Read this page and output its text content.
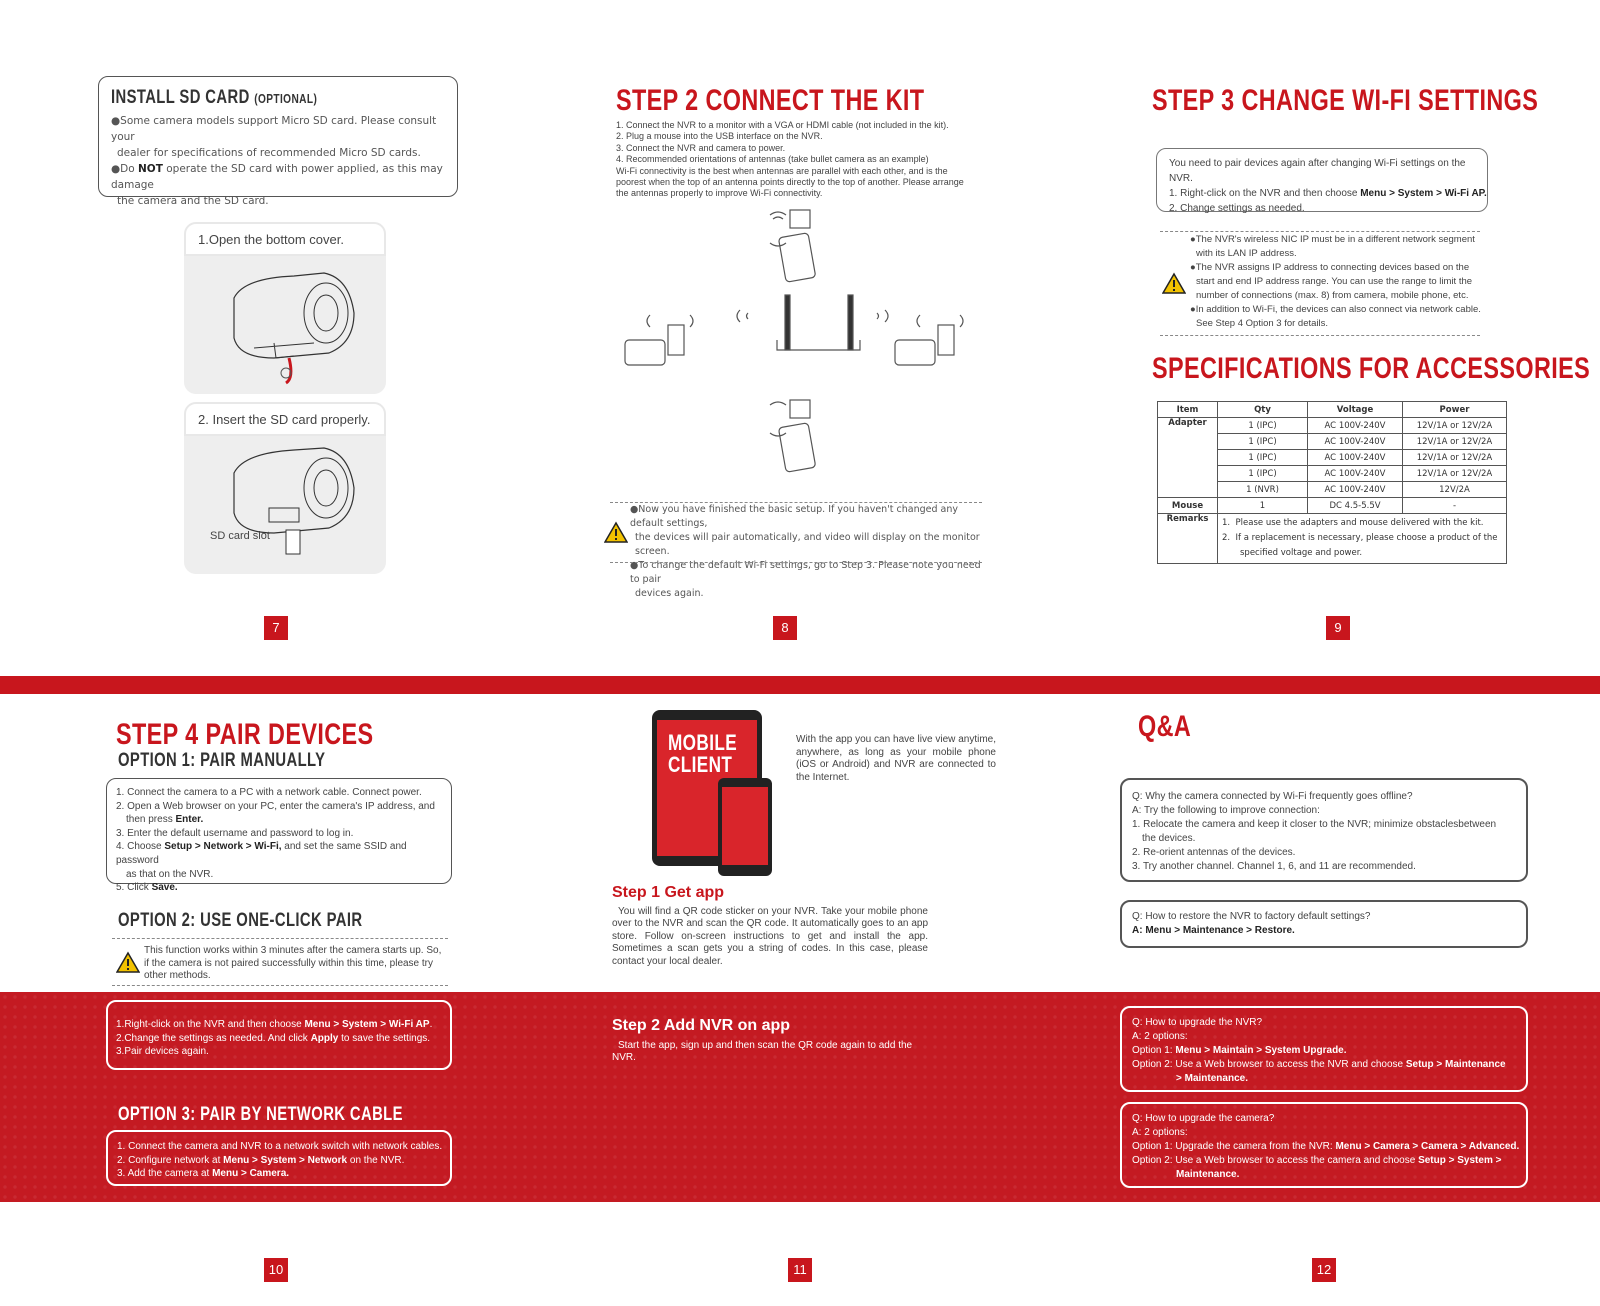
INSTALL SD CARD (OPTIONAL)
●Some camera models support Micro SD card. Please consult your
dealer for specifications of recommended Micro SD cards.
●Do NOT operate the SD card with power applied, as this may damage
the camera and the SD card.
1.Open the bottom cover.
2. Insert the SD card properly.
SD card slot
7
STEP 2 CONNECT THE KIT
1. Connect the NVR to a monitor with a VGA or HDMI cable (not included in the kit).
2. Plug a mouse into the USB interface on the NVR.
3. Connect the NVR and camera to power.
4. Recommended orientations of antennas (take bullet camera as an example)
Wi-Fi connectivity is the best when antennas are parallel with each other, and is the
poorest when the top of an antenna points directly to the top of another. Please arrange
the antennas properly to improve Wi-Fi connectivity.
●Now you have finished the basic setup. If you haven't changed any default settings,
the devices will pair automatically, and video will display on the monitor screen.
●To change the default Wi-Fi settings, go to Step 3. Please note you need to pair
devices again.
8
STEP 3 CHANGE WI-FI SETTINGS
You need to pair devices again after changing Wi-Fi settings on the NVR.
1. Right-click on the NVR and then choose Menu > System > Wi-Fi AP.
2. Change settings as needed.
●The NVR's wireless NIC IP must be in a different network segment
with its LAN IP address.
●The NVR assigns IP address to connecting devices based on the
start and end IP address range. You can use the range to limit the
number of connections (max. 8) from camera, mobile phone, etc.
●In addition to Wi-Fi, the devices can also connect via network cable.
See Step 4 Option 3 for details.
SPECIFICATIONS FOR ACCESSORIES
Item	Qty	Voltage	Power
Adapter	1 (IPC)	AC 100V-240V	12V/1A or 12V/2A
	1 (IPC)	AC 100V-240V	12V/1A or 12V/2A
	1 (IPC)	AC 100V-240V	12V/1A or 12V/2A
	1 (IPC)	AC 100V-240V	12V/1A or 12V/2A
	1 (NVR)	AC 100V-240V	12V/2A
Mouse	1	DC 4.5-5.5V	-
Remarks	1. Please use the adapters and mouse delivered with the kit.
2. If a replacement is necessary, please choose a product of the
specified voltage and power.		
9
STEP 4 PAIR DEVICES
OPTION 1: PAIR MANUALLY
1. Connect the camera to a PC with a network cable. Connect power.
2. Open a Web browser on your PC, enter the camera's IP address, and
then press Enter.
3. Enter the default username and password to log in.
4. Choose Setup > Network > Wi-Fi, and set the same SSID and password
as that on the NVR.
5. Click Save.
OPTION 2: USE ONE-CLICK PAIR
This function works within 3 minutes after the camera starts up. So,
if the camera is not paired successfully within this time, please try
other methods.
1.Right-click on the NVR and then choose Menu > System > Wi-Fi AP.
2.Change the settings as needed. And click Apply to save the settings.
3.Pair devices again.
OPTION 3: PAIR BY NETWORK CABLE
1. Connect the camera and NVR to a network switch with network cables.
2. Configure network at Menu > System > Network on the NVR.
3. Add the camera at Menu > Camera.
10
MOBILE
CLIENT
With the app you can have live view anytime, anywhere, as long as your mobile phone (iOS or Android) and NVR are connected to the Internet.
Step 1 Get app
You will find a QR code sticker on your NVR. Take your mobile phone over to the NVR and scan the QR code. It automatically goes to an app store. Follow on-screen instructions to get and install the app. Sometimes a scan gets you a string of codes. In this case, please contact your local dealer.
Step 2 Add NVR on app
Start the app, sign up and then scan the QR code again to add the NVR.
11
Q&A
Q: Why the camera connected by Wi-Fi frequently goes offline?
A: Try the following to improve connection:
1. Relocate the camera and keep it closer to the NVR; minimize obstaclesbetween
the devices.
2. Re-orient antennas of the devices.
3. Try another channel. Channel 1, 6, and 11 are recommended.
Q: How to restore the NVR to factory default settings?
A: Menu > Maintenance > Restore.
Q: How to upgrade the NVR?
A: 2 options:
Option 1: Menu > Maintain > System Upgrade.
Option 2: Use a Web browser to access the NVR and choose Setup > Maintenance
> Maintenance.
Q: How to upgrade the camera?
A: 2 options:
Option 1: Upgrade the camera from the NVR: Menu > Camera > Camera > Advanced.
Option 2: Use a Web browser to access the camera and choose Setup > System >
Maintenance.
12
